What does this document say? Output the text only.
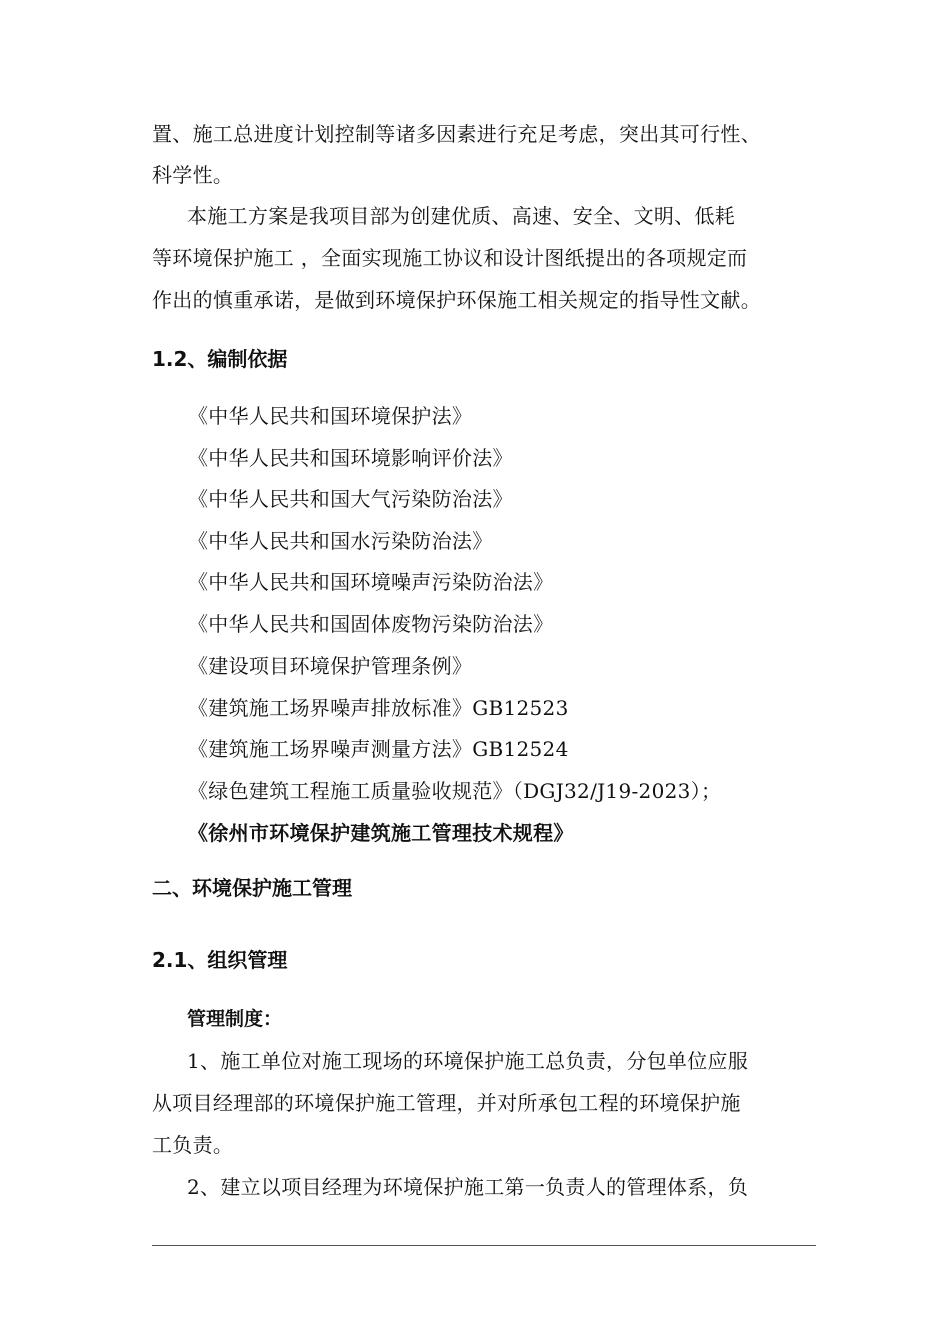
置、施工总进度计划控制等诸多因素进行充足考虑，突出其可行性、
科学性。
本施工方案是我项目部为创建优质、高速、安全、文明、低耗
等环境保护施工 ，全面实现施工协议和设计图纸提出的各项规定而
作出的慎重承诺，是做到环境保护环保施工相关规定的指导性文献。
1.2、编制依据
《中华人民共和国环境保护法》
《中华人民共和国环境影响评价法》
《中华人民共和国大气污染防治法》
《中华人民共和国水污染防治法》
《中华人民共和国环境噪声污染防治法》
《中华人民共和国固体废物污染防治法》
《建设项目环境保护管理条例》
《建筑施工场界噪声排放标准》GB12523
《建筑施工场界噪声测量方法》GB12524
《绿色建筑工程施工质量验收规范》（DGJ32/J19-2023）；
《徐州市环境保护建筑施工管理技术规程》
二、环境保护施工管理
2.1、组织管理
管理制度：
1、施工单位对施工现场的环境保护施工总负责，分包单位应服
从项目经理部的环境保护施工管理，并对所承包工程的环境保护施
工负责。
2、建立以项目经理为环境保护施工第一负责人的管理体系，负
